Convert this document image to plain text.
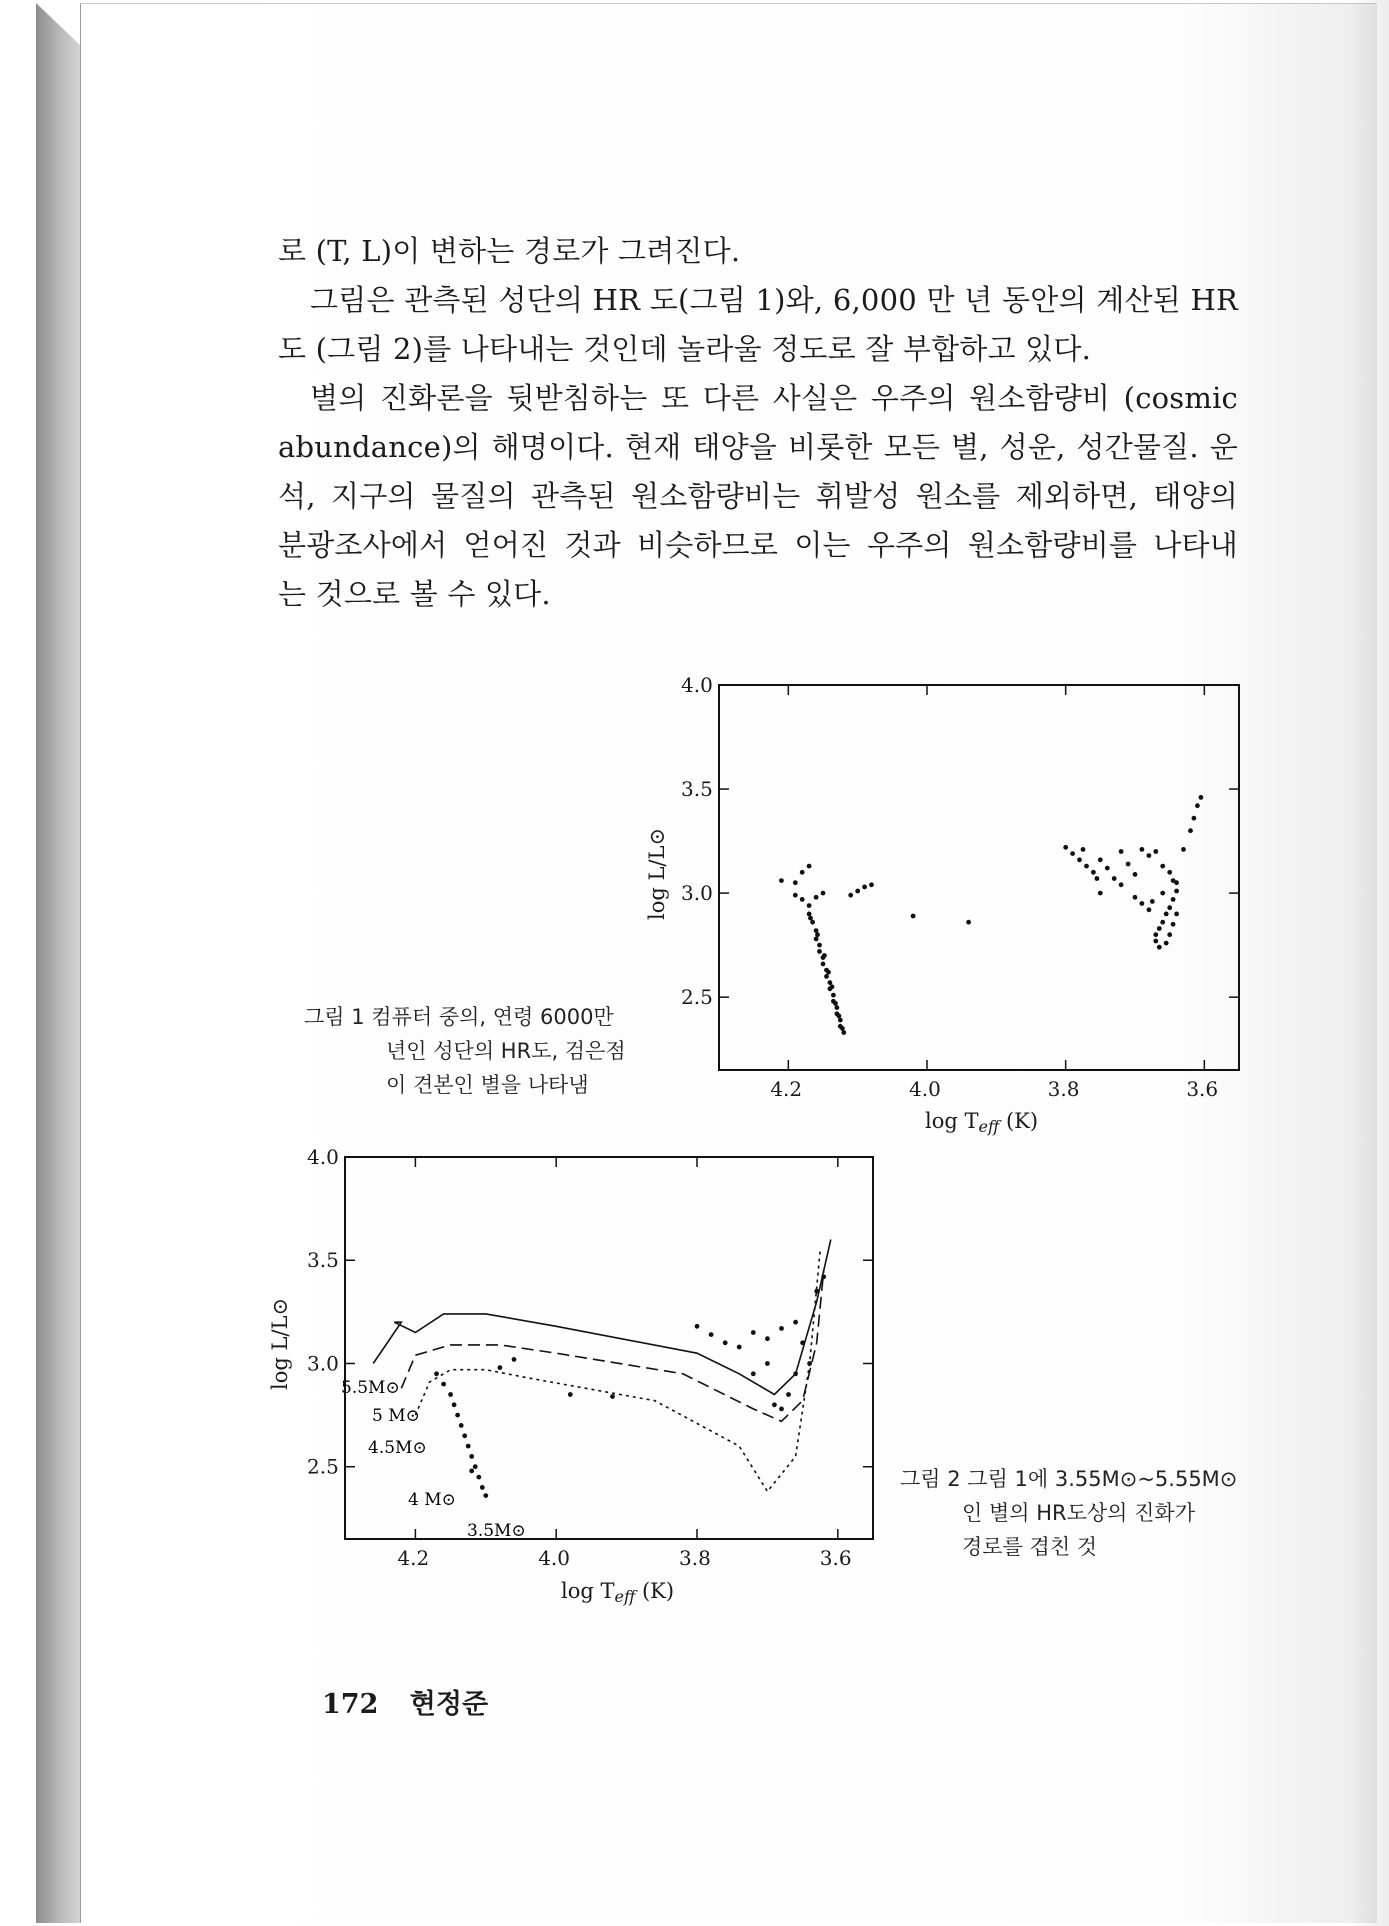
로 (T, L)이 변하는 경로가 그려진다.

그림은 관측된 성단의 HR 도(그림 1)와, 6,000 만 년 동안의 계산된 HR

도 (그림 2)를 나타내는 것인데 놀라울 정도로 잘 부합하고 있다.

별의 진화론을 뒷받침하는 또 다른 사실은 우주의 원소함량비 (cosmic

abundance)의 해명이다. 현재 태양을 비롯한 모든 별, 성운, 성간물질. 운

석, 지구의 물질의 관측된 원소함량비는 휘발성 원소를 제외하면, 태양의

분광조사에서 얻어진 것과 비슷하므로 이는 우주의 원소함량비를 나타내

는 것으로 볼 수 있다.

4.2	4.0	3.8	3.6
4.0
3.5
3.0
2.5
log Teff (K)
log L/L⊙
그림 1 컴퓨터 중의, 연령 6000만
년인 성단의 HR도, 검은점
이 견본인 별을 나타냄
4.2	4.0	3.8	3.6
4.0
3.5
3.0
2.5
5.5M⊙
5 M⊙
4.5M⊙
4 M⊙
3.5M⊙
log Teff (K)
log L/L⊙
그림 2 그림 1에 3.55M⊙~5.55M⊙
인 별의 HR도상의 진화가
경로를 겹친 것
172 현정준
